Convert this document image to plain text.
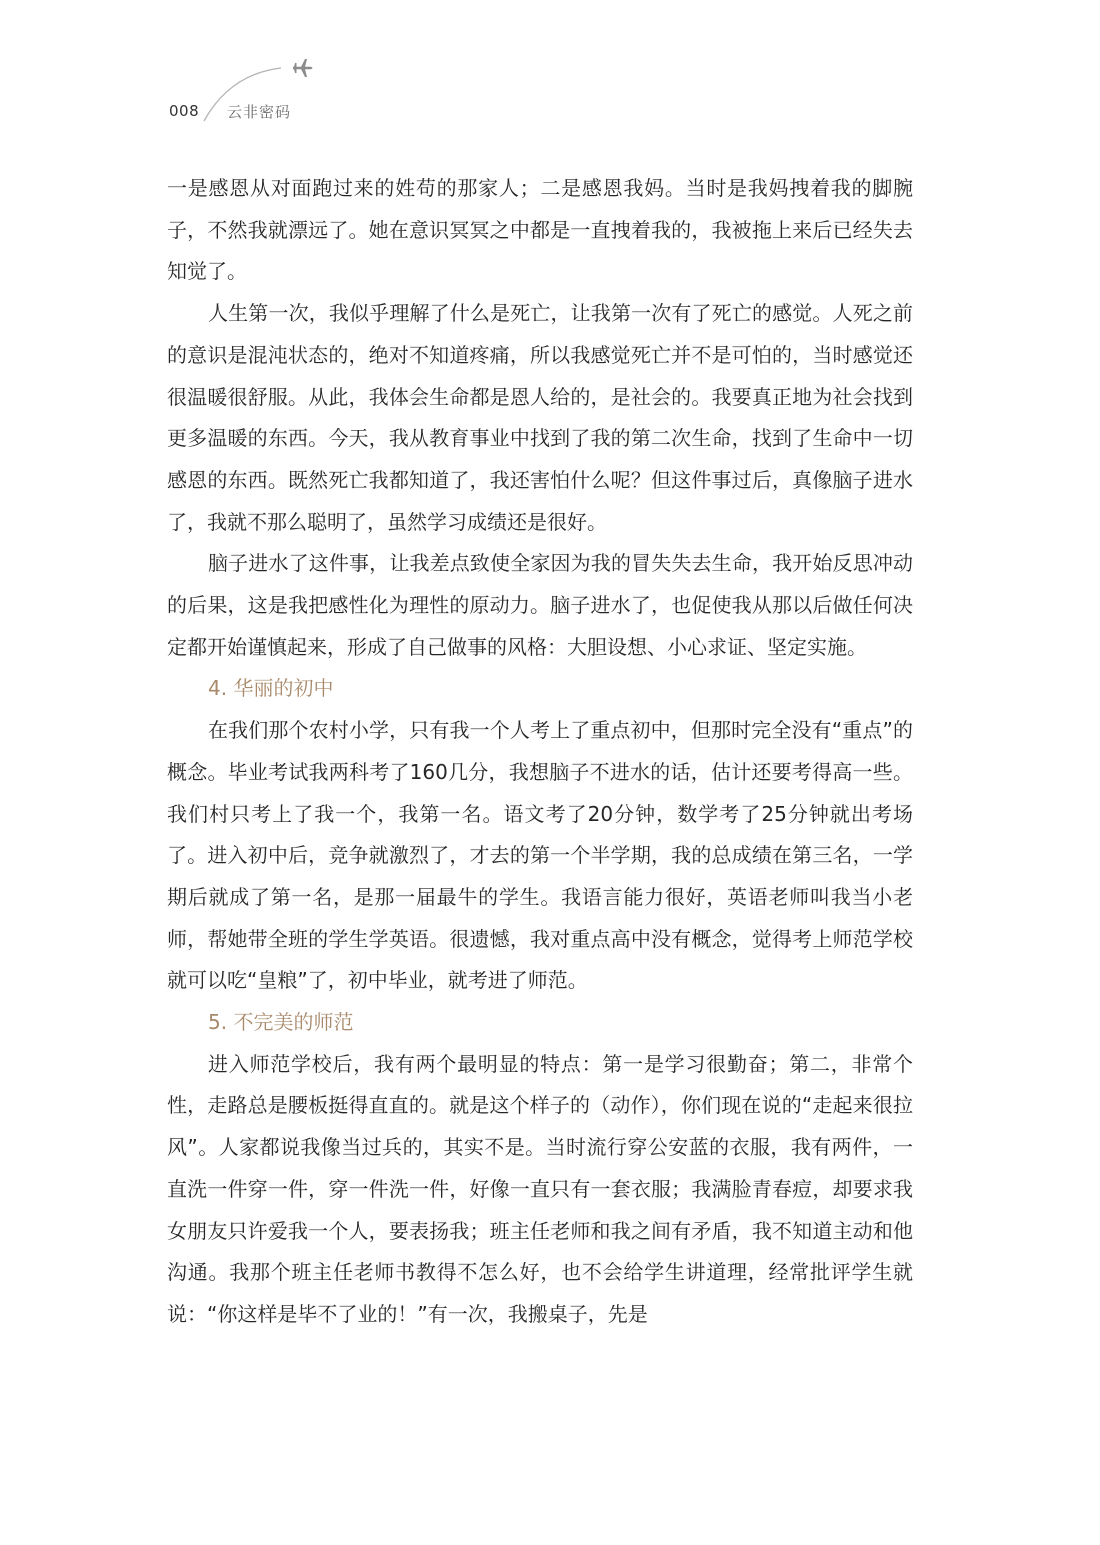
008 云非密码

一是感恩从对面跑过来的姓苟的那家人；二是感恩我妈。当时是我妈拽着我的脚腕子，不然我就漂远了。她在意识冥冥之中都是一直拽着我的，我被拖上来后已经失去知觉了。

人生第一次，我似乎理解了什么是死亡，让我第一次有了死亡的感觉。人死之前的意识是混沌状态的，绝对不知道疼痛，所以我感觉死亡并不是可怕的，当时感觉还很温暖很舒服。从此，我体会生命都是恩人给的，是社会的。我要真正地为社会找到更多温暖的东西。今天，我从教育事业中找到了我的第二次生命，找到了生命中一切感恩的东西。既然死亡我都知道了，我还害怕什么呢？但这件事过后，真像脑子进水了，我就不那么聪明了，虽然学习成绩还是很好。

脑子进水了这件事，让我差点致使全家因为我的冒失失去生命，我开始反思冲动的后果，这是我把感性化为理性的原动力。脑子进水了，也促使我从那以后做任何决定都开始谨慎起来，形成了自己做事的风格：大胆设想、小心求证、坚定实施。

4. 华丽的初中

在我们那个农村小学，只有我一个人考上了重点初中，但那时完全没有“重点”的概念。毕业考试我两科考了160几分，我想脑子不进水的话，估计还要考得高一些。我们村只考上了我一个，我第一名。语文考了20分钟，数学考了25分钟就出考场了。进入初中后，竞争就激烈了，才去的第一个半学期，我的总成绩在第三名，一学期后就成了第一名，是那一届最牛的学生。我语言能力很好，英语老师叫我当小老师，帮她带全班的学生学英语。很遗憾，我对重点高中没有概念，觉得考上师范学校就可以吃“皇粮”了，初中毕业，就考进了师范。

5. 不完美的师范

进入师范学校后，我有两个最明显的特点：第一是学习很勤奋；第二，非常个性，走路总是腰板挺得直直的。就是这个样子的（动作），你们现在说的“走起来很拉风”。人家都说我像当过兵的，其实不是。当时流行穿公安蓝的衣服，我有两件，一直洗一件穿一件，穿一件洗一件，好像一直只有一套衣服；我满脸青春痘，却要求我女朋友只许爱我一个人，要表扬我；班主任老师和我之间有矛盾，我不知道主动和他沟通。我那个班主任老师书教得不怎么好，也不会给学生讲道理，经常批评学生就说：“你这样是毕不了业的！”有一次，我搬桌子，先是
